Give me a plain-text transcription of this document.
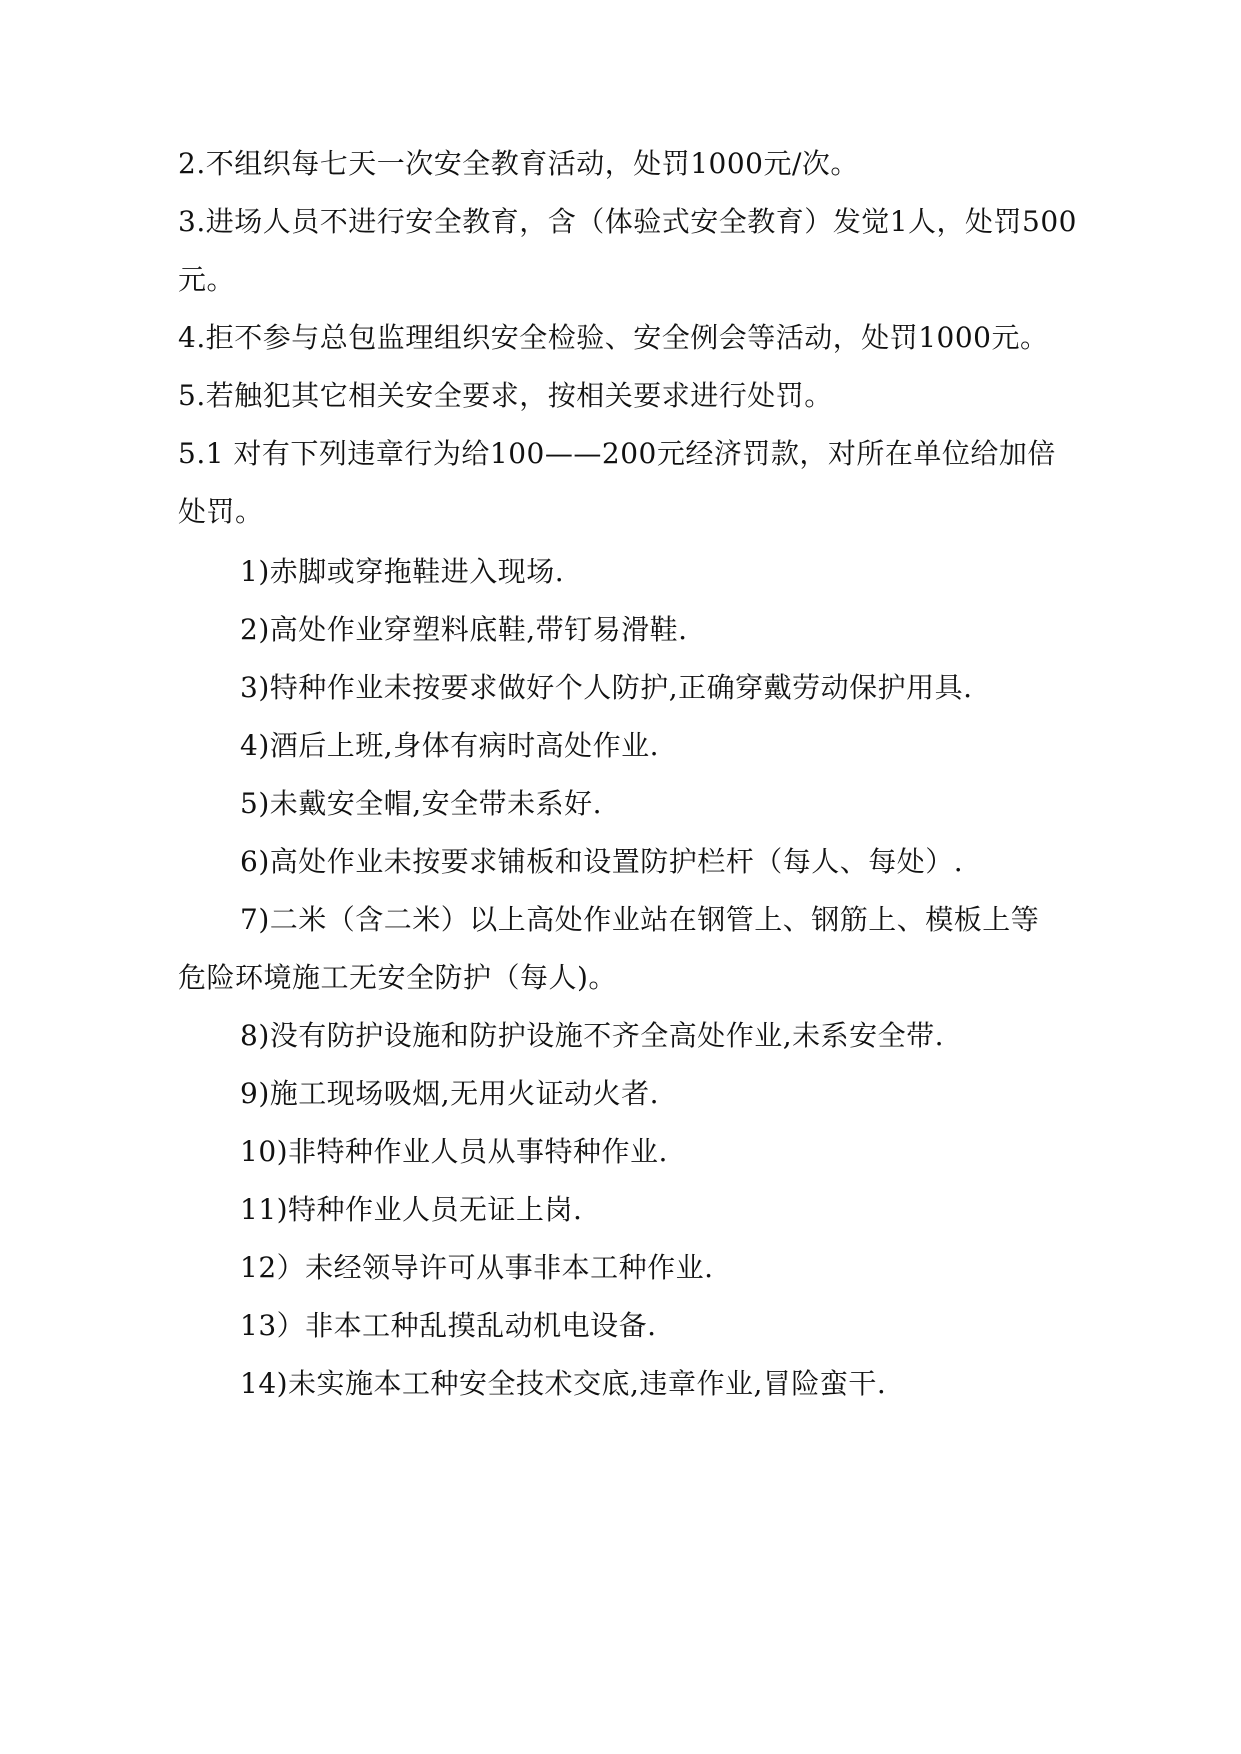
2.不组织每七天一次安全教育活动，处罚1000元/次。
3.进场人员不进行安全教育，含（体验式安全教育）发觉1人，处罚500
元。
4.拒不参与总包监理组织安全检验、安全例会等活动，处罚1000元。
5.若触犯其它相关安全要求，按相关要求进行处罚。
5.1 对有下列违章行为给100——200元经济罚款，对所在单位给加倍
处罚。
1)赤脚或穿拖鞋进入现场.
2)高处作业穿塑料底鞋,带钉易滑鞋.
3)特种作业未按要求做好个人防护,正确穿戴劳动保护用具.
4)酒后上班,身体有病时高处作业.
5)未戴安全帽,安全带未系好.
6)高处作业未按要求铺板和设置防护栏杆（每人、每处）.
7)二米（含二米）以上高处作业站在钢管上、钢筋上、模板上等
危险环境施工无安全防护（每人)。
8)没有防护设施和防护设施不齐全高处作业,未系安全带.
9)施工现场吸烟,无用火证动火者.
10)非特种作业人员从事特种作业.
11)特种作业人员无证上岗.
12）未经领导许可从事非本工种作业.
13）非本工种乱摸乱动机电设备.
14)未实施本工种安全技术交底,违章作业,冒险蛮干.
